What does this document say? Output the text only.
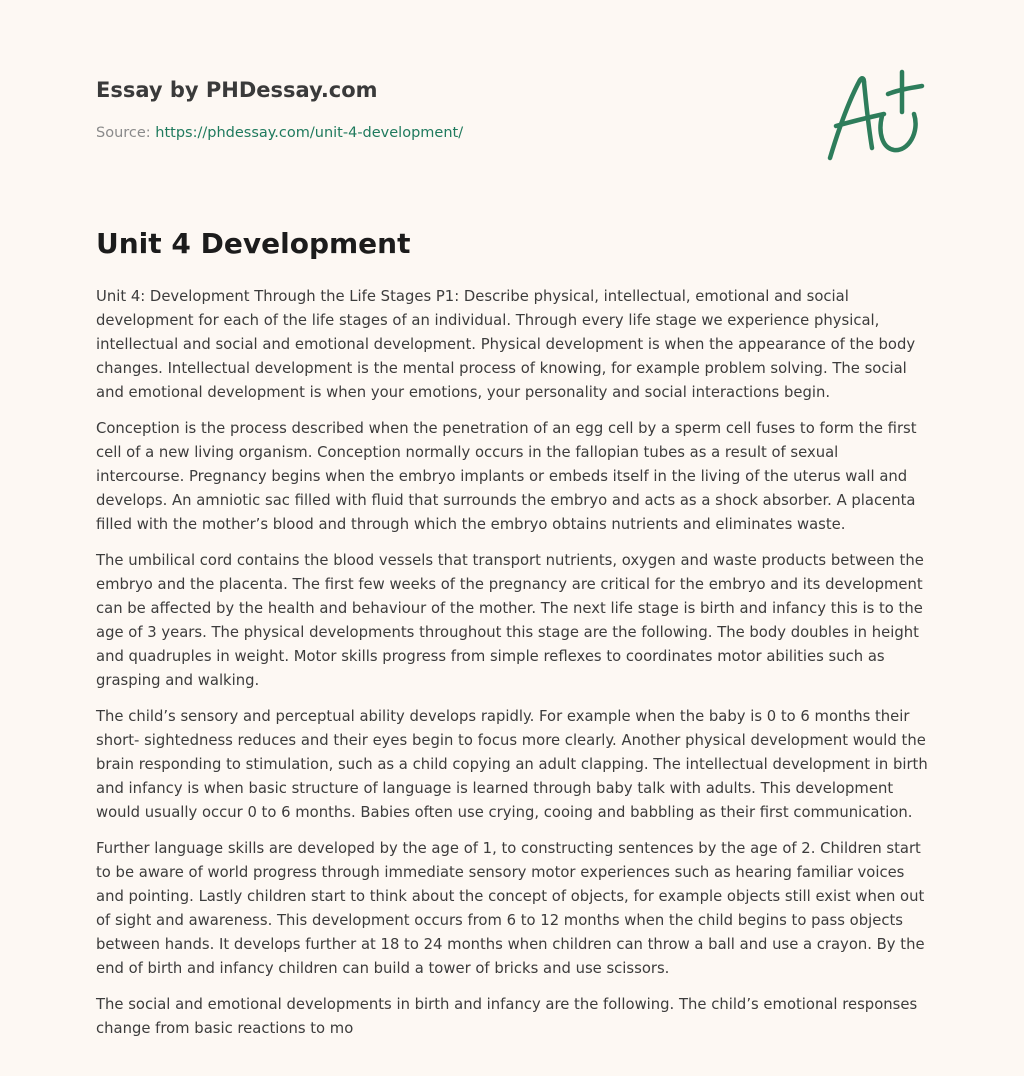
Essay by PHDessay.com
Source: https://phdessay.com/unit-4-development/
Unit 4 Development

Unit 4: Development Through the Life Stages P1: Describe physical, intellectual, emotional and social development for each of the life stages of an individual. Through every life stage we experience physical, intellectual and social and emotional development. Physical development is when the appearance of the body changes. Intellectual development is the mental process of knowing, for example problem solving. The social and emotional development is when your emotions, your personality and social interactions begin.

Conception is the process described when the penetration of an egg cell by a sperm cell fuses to form the first cell of a new living organism. Conception normally occurs in the fallopian tubes as a result of sexual intercourse. Pregnancy begins when the embryo implants or embeds itself in the living of the uterus wall and develops. An amniotic sac filled with fluid that surrounds the embryo and acts as a shock absorber. A placenta filled with the mother’s blood and through which the embryo obtains nutrients and eliminates waste.

The umbilical cord contains the blood vessels that transport nutrients, oxygen and waste products between the embryo and the placenta. The first few weeks of the pregnancy are critical for the embryo and its development can be affected by the health and behaviour of the mother. The next life stage is birth and infancy this is to the age of 3 years. The physical developments throughout this stage are the following. The body doubles in height and quadruples in weight. Motor skills progress from simple reflexes to coordinates motor abilities such as grasping and walking.

The child’s sensory and perceptual ability develops rapidly. For example when the baby is 0 to 6 months their short- sightedness reduces and their eyes begin to focus more clearly. Another physical development would the brain responding to stimulation, such as a child copying an adult clapping. The intellectual development in birth and infancy is when basic structure of language is learned through baby talk with adults. This development would usually occur 0 to 6 months. Babies often use crying, cooing and babbling as their first communication.

Further language skills are developed by the age of 1, to constructing sentences by the age of 2. Children start to be aware of world progress through immediate sensory motor experiences such as hearing familiar voices and pointing. Lastly children start to think about the concept of objects, for example objects still exist when out of sight and awareness. This development occurs from 6 to 12 months when the child begins to pass objects between hands. It develops further at 18 to 24 months when children can throw a ball and use a crayon. By the end of birth and infancy children can build a tower of bricks and use scissors.

The social and emotional developments in birth and infancy are the following. The child’s emotional responses change from basic reactions to mo
